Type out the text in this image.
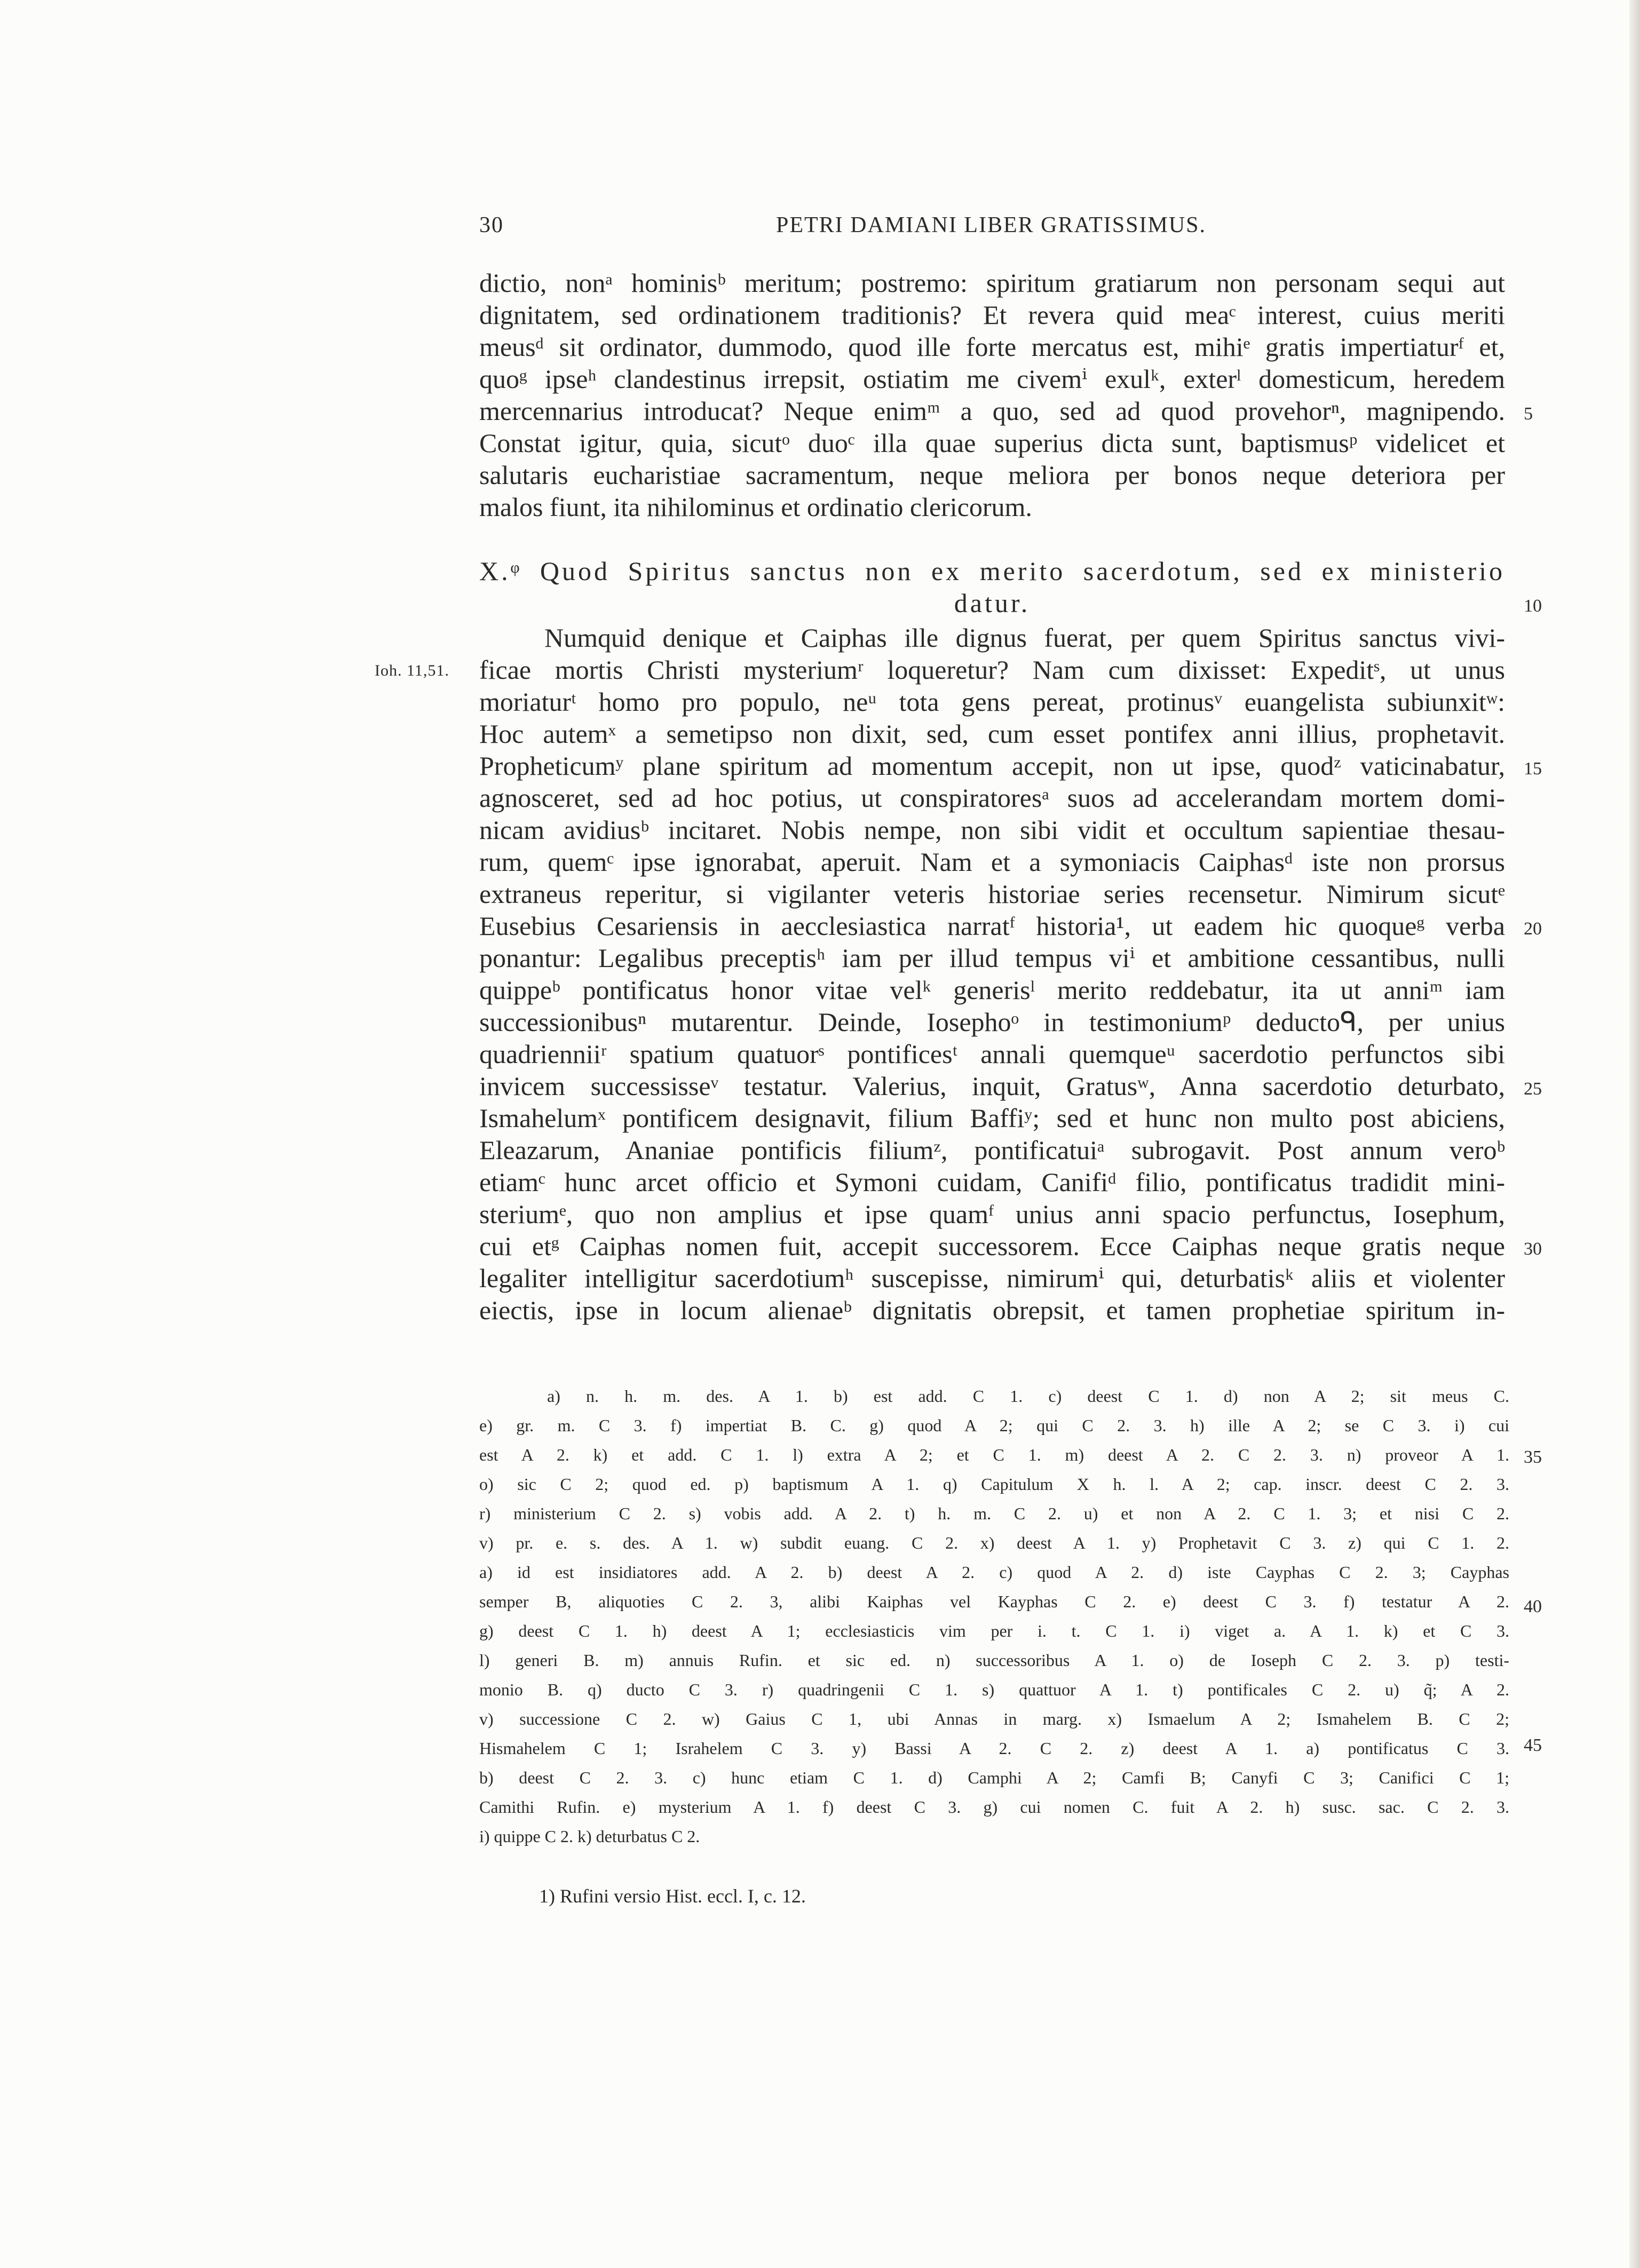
30	PETRI DAMIANI LIBER GRATISSIMUS.
dictio, nonᵃ hominisᵇ meritum; postremo: spiritum gratiarum non personam sequi aut
dignitatem, sed ordinationem traditionis? Et revera quid meaᶜ interest, cuius meriti
meusᵈ sit ordinator, dummodo, quod ille forte mercatus est, mihiᵉ gratis impertiaturᶠ et,
quoᵍ ipseʰ clandestinus irrepsit, ostiatim me civemⁱ exulᵏ, exterˡ domesticum, heredem
mercennarius introducat? Neque enimᵐ a quo, sed ad quod provehorⁿ, magnipendo.
Constat igitur, quia, sicutᵒ duoᶜ illa quae superius dicta sunt, baptismusᵖ videlicet et
salutaris eucharistiae sacramentum, neque meliora per bonos neque deteriora per
malos fiunt, ita nihilominus et ordinatio clericorum.
X.ᵠ Quod Spiritus sanctus non ex merito sacerdotum, sed ex ministerio
datur.
Numquid denique et Caiphas ille dignus fuerat, per quem Spiritus sanctus vivi-
ficae mortis Christi mysteriumʳ loqueretur? Nam cum dixisset: Expeditˢ, ut unus
moriaturᵗ homo pro populo, neᵘ tota gens pereat, protinusᵛ euangelista subiunxitʷ:
Hoc autemˣ a semetipso non dixit, sed, cum esset pontifex anni illius, prophetavit.
Propheticumʸ plane spiritum ad momentum accepit, non ut ipse, quodᶻ vaticinabatur,
agnosceret, sed ad hoc potius, ut conspiratoresᵃ suos ad accelerandam mortem domi-
nicam avidiusᵇ incitaret. Nobis nempe, non sibi vidit et occultum sapientiae thesau-
rum, quemᶜ ipse ignorabat, aperuit. Nam et a symoniacis Caiphasᵈ iste non prorsus
extraneus reperitur, si vigilanter veteris historiae series recensetur. Nimirum sicutᵉ
Eusebius Cesariensis in aecclesiastica narratᶠ historia¹, ut eadem hic quoqueᵍ verba
ponantur: Legalibus preceptisʰ iam per illud tempus viⁱ et ambitione cessantibus, nulli
quippeᵇ pontificatus honor vitae velᵏ generisˡ merito reddebatur, ita ut anniᵐ iam
successionibusⁿ mutarentur. Deinde, Iosephoᵒ in testimoniumᵖ deductoᑫ, per unius
quadrienniiʳ spatium quatuorˢ pontificesᵗ annali quemqueᵘ sacerdotio perfunctos sibi
invicem successisseᵛ testatur. Valerius, inquit, Gratusʷ, Anna sacerdotio deturbato,
Ismahelumˣ pontificem designavit, filium Baffiʸ; sed et hunc non multo post abiciens,
Eleazarum, Ananiae pontificis filiumᶻ, pontificatuiᵃ subrogavit. Post annum veroᵇ
etiamᶜ hunc arcet officio et Symoni cuidam, Canifiᵈ filio, pontificatus tradidit mini-
steriumᵉ, quo non amplius et ipse quamᶠ unius anni spacio perfunctus, Iosephum,
cui etᵍ Caiphas nomen fuit, accepit successorem. Ecce Caiphas neque gratis neque
legaliter intelligitur sacerdotiumʰ suscepisse, nimirumⁱ qui, deturbatisᵏ aliis et violenter
eiectis, ipse in locum alienaeᵇ dignitatis obrepsit, et tamen prophetiae spiritum in-
Ioh. 11,51.
5
10
15
20
25
30
35
40
45
a) n. h. m. des. A 1. b) est add. C 1. c) deest C 1. d) non A 2; sit meus C.
e) gr. m. C 3. f) impertiat B. C. g) quod A 2; qui C 2. 3. h) ille A 2; se C 3. i) cui
est A 2. k) et add. C 1. l) extra A 2; et C 1. m) deest A 2. C 2. 3. n) proveor A 1.
o) sic C 2; quod ed. p) baptismum A 1. q) Capitulum X h. l. A 2; cap. inscr. deest C 2. 3.
r) ministerium C 2. s) vobis add. A 2. t) h. m. C 2. u) et non A 2. C 1. 3; et nisi C 2.
v) pr. e. s. des. A 1. w) subdit euang. C 2. x) deest A 1. y) Prophetavit C 3. z) qui C 1. 2.
a) id est insidiatores add. A 2. b) deest A 2. c) quod A 2. d) iste Cayphas C 2. 3; Cayphas
semper B, aliquoties C 2. 3, alibi Kaiphas vel Kayphas C 2. e) deest C 3. f) testatur A 2.
g) deest C 1. h) deest A 1; ecclesiasticis vim per i. t. C 1. i) viget a. A 1. k) et C 3.
l) generi B. m) annuis Rufin. et sic ed. n) successoribus A 1. o) de Ioseph C 2. 3. p) testi-
monio B. q) ducto C 3. r) quadringenii C 1. s) quattuor A 1. t) pontificales C 2. u) q̃; A 2.
v) successione C 2. w) Gaius C 1, ubi Annas in marg. x) Ismaelum A 2; Ismahelem B. C 2;
Hismahelem C 1; Israhelem C 3. y) Bassi A 2. C 2. z) deest A 1. a) pontificatus C 3.
b) deest C 2. 3. c) hunc etiam C 1. d) Camphi A 2; Camfi B; Canyfi C 3; Canifici C 1;
Camithi Rufin. e) mysterium A 1. f) deest C 3. g) cui nomen C. fuit A 2. h) susc. sac. C 2. 3.
i) quippe C 2. k) deturbatus C 2.
1) Rufini versio Hist. eccl. I, c. 12.
